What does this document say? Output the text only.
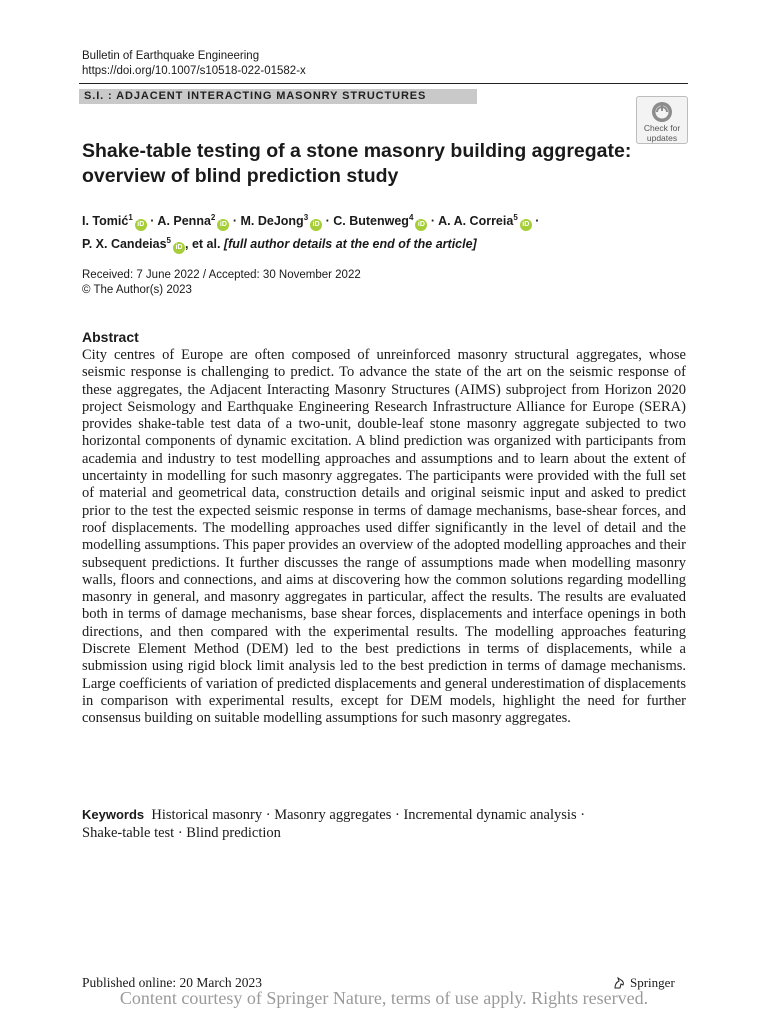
Bulletin of Earthquake Engineering
https://doi.org/10.1007/s10518-022-01582-x
S.I. : ADJACENT INTERACTING MASONRY STRUCTURES
Check for
updates
Shake-table testing of a stone masonry building aggregate:
overview of blind prediction study
I. Tomić$^1$iD · A. Penna$^2$iD · M. DeJong$^3$iD · C. Butenweg$^4$iD · A. A. Correia$^5$iD ·
P. X. Candeias$^5$iD , et al. [full author details at the end of the article]
Received: 7 June 2022 / Accepted: 30 November 2022
© The Author(s) 2023
Abstract

City centres of Europe are often composed of unreinforced masonry structural aggregates, whose seismic response is challenging to predict. To advance the state of the art on the seismic response of these aggregates, the Adjacent Interacting Masonry Structures (AIMS) subproject from Horizon 2020 project Seismology and Earthquake Engineering Research Infrastructure Alliance for Europe (SERA) provides shake-table test data of a two-unit, double-leaf stone masonry aggregate subjected to two horizontal components of dynamic excitation. A blind prediction was organized with participants from academia and industry to test modelling approaches and assumptions and to learn about the extent of uncertainty in modelling for such masonry aggregates. The participants were provided with the full set of material and geometrical data, construction details and original seismic input and asked to predict prior to the test the expected seismic response in terms of damage mechanisms, base-shear forces, and roof displacements. The modelling approaches used differ significantly in the level of detail and the modelling assumptions. This paper provides an overview of the adopted modelling approaches and their subsequent predictions. It further discusses the range of assumptions made when modelling masonry walls, floors and connections, and aims at discovering how the common solutions regarding modelling masonry in general, and masonry aggregates in particular, affect the results. The results are evaluated both in terms of damage mechanisms, base shear forces, displacements and interface openings in both directions, and then compared with the experimental results. The modelling approaches featuring Discrete Element Method (DEM) led to the best predictions in terms of displacements, while a submission using rigid block limit analysis led to the best prediction in terms of damage mechanisms. Large coefficients of variation of predicted displacements and general underestimation of displacements in comparison with experimental results, except for DEM models, highlight the need for further consensus building on suitable modelling assumptions for such masonry aggregates.

Keywords Historical masonry · Masonry aggregates · Incremental dynamic analysis ·
Shake-table test · Blind prediction
Published online: 20 March 2023	Springer
Content courtesy of Springer Nature, terms of use apply. Rights reserved.
